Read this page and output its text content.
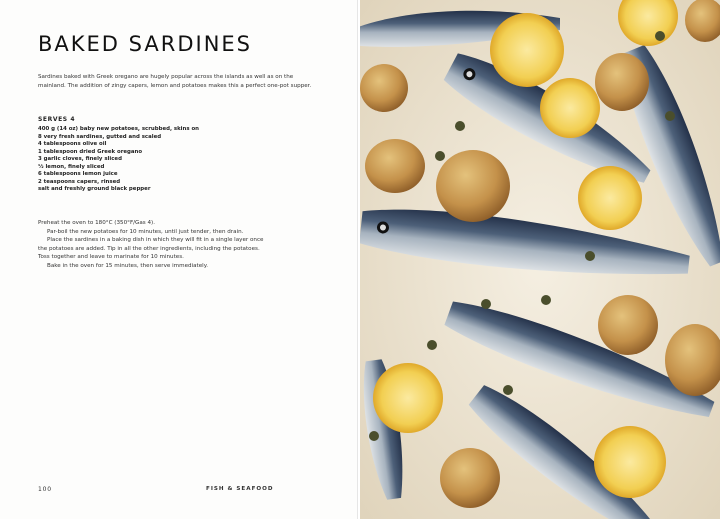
BAKED SARDINES
Sardines baked with Greek oregano are hugely popular across the islands as well as on the mainland. The addition of zingy capers, lemon and potatoes makes this a perfect one-pot supper.
SERVES 4
400 g (14 oz) baby new potatoes, scrubbed, skins on
8 very fresh sardines, gutted and scaled
4 tablespoons olive oil
1 tablespoon dried Greek oregano
3 garlic cloves, finely sliced
½ lemon, finely sliced
6 tablespoons lemon juice
2 teaspoons capers, rinsed
salt and freshly ground black pepper

Preheat the oven to 180°C (350°F/Gas 4).

Par-boil the new potatoes for 10 minutes, until just tender, then drain.

Place the sardines in a baking dish in which they will fit in a single layer once the potatoes are added. Tip in all the other ingredients, including the potatoes. Toss together and leave to marinate for 10 minutes.

Bake in the oven for 15 minutes, then serve immediately.

100	FISH & SEAFOOD
